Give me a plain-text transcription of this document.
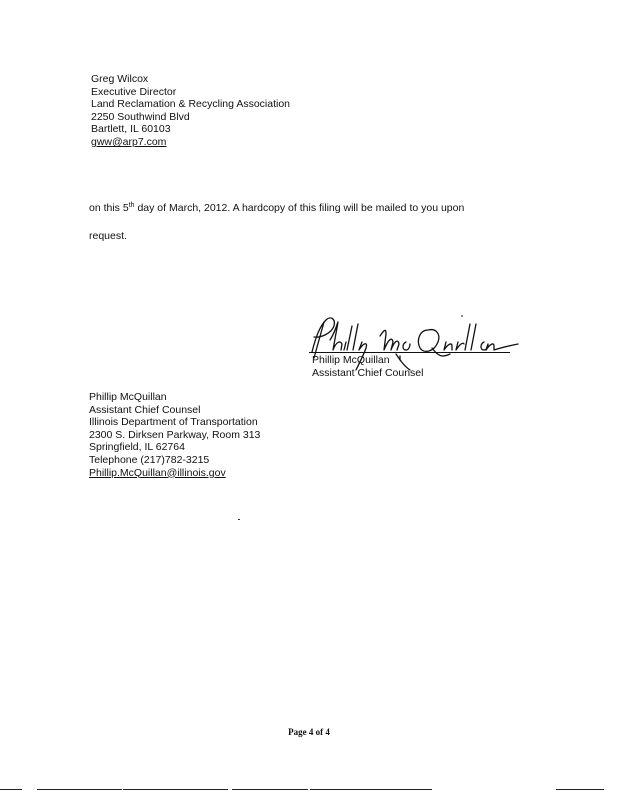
Greg Wilcox
Executive Director
Land Reclamation & Recycling Association
2250 Southwind Blvd
Bartlett, IL 60103
gww@arp7.com
on this 5th day of March, 2012. A hardcopy of this filing will be mailed to you upon
request.
Phillip McQuillan
Assistant Chief Counsel
Phillip McQuillan
Assistant Chief Counsel
Illinois Department of Transportation
2300 S. Dirksen Parkway, Room 313
Springfield, IL 62764
Telephone (217)782-3215
Phillip.McQuillan@illinois.gov
Page 4 of 4
